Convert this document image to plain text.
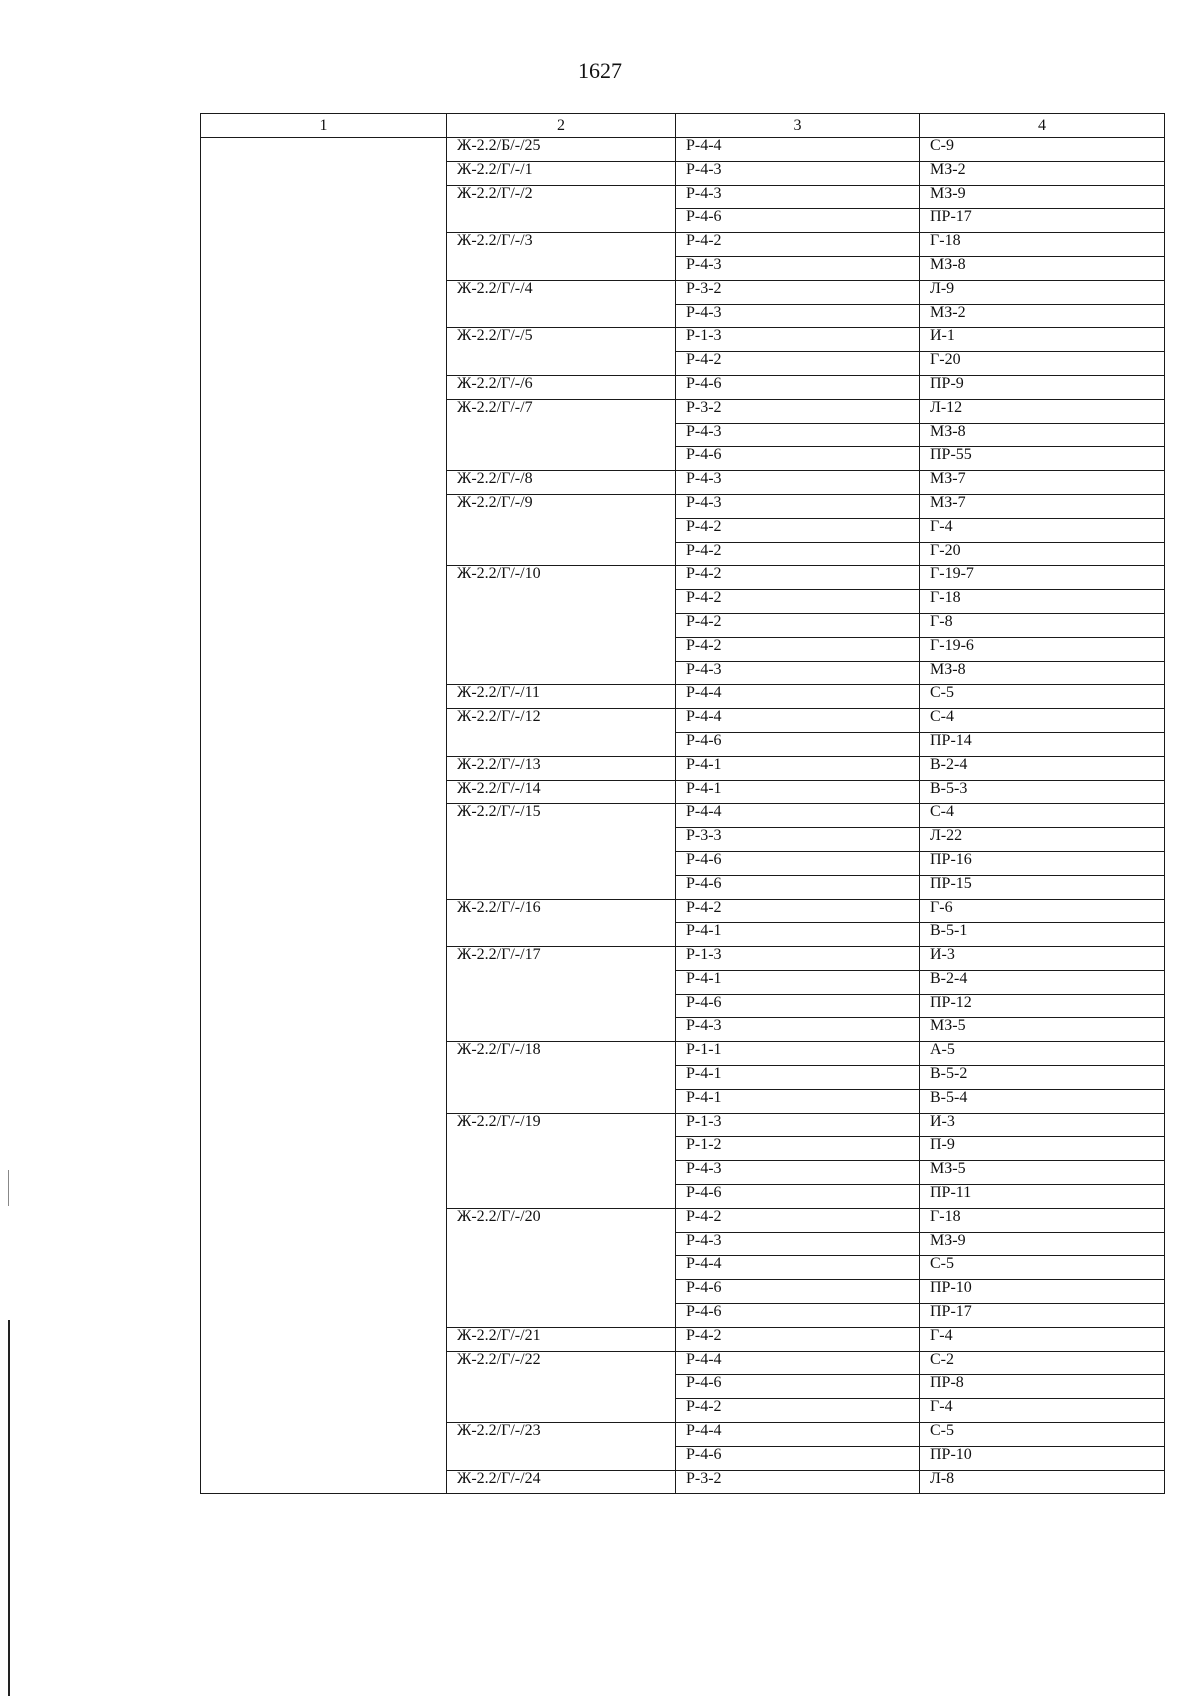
1627
1	2	3	4
	Ж-2.2/Б/-/25	Р-4-4	С-9
	Ж-2.2/Г/-/1	Р-4-3	МЗ-2
	Ж-2.2/Г/-/2	Р-4-3	МЗ-9
		Р-4-6	ПР-17
	Ж-2.2/Г/-/3	Р-4-2	Г-18
		Р-4-3	МЗ-8
	Ж-2.2/Г/-/4	Р-3-2	Л-9
		Р-4-3	МЗ-2
	Ж-2.2/Г/-/5	Р-1-3	И-1
		Р-4-2	Г-20
	Ж-2.2/Г/-/6	Р-4-6	ПР-9
	Ж-2.2/Г/-/7	Р-3-2	Л-12
		Р-4-3	МЗ-8
		Р-4-6	ПР-55
	Ж-2.2/Г/-/8	Р-4-3	МЗ-7
	Ж-2.2/Г/-/9	Р-4-3	МЗ-7
		Р-4-2	Г-4
		Р-4-2	Г-20
	Ж-2.2/Г/-/10	Р-4-2	Г-19-7
		Р-4-2	Г-18
		Р-4-2	Г-8
		Р-4-2	Г-19-6
		Р-4-3	МЗ-8
	Ж-2.2/Г/-/11	Р-4-4	С-5
	Ж-2.2/Г/-/12	Р-4-4	С-4
		Р-4-6	ПР-14
	Ж-2.2/Г/-/13	Р-4-1	В-2-4
	Ж-2.2/Г/-/14	Р-4-1	В-5-3
	Ж-2.2/Г/-/15	Р-4-4	С-4
		Р-3-3	Л-22
		Р-4-6	ПР-16
		Р-4-6	ПР-15
	Ж-2.2/Г/-/16	Р-4-2	Г-6
		Р-4-1	В-5-1
	Ж-2.2/Г/-/17	Р-1-3	И-3
		Р-4-1	В-2-4
		Р-4-6	ПР-12
		Р-4-3	МЗ-5
	Ж-2.2/Г/-/18	Р-1-1	А-5
		Р-4-1	В-5-2
		Р-4-1	В-5-4
	Ж-2.2/Г/-/19	Р-1-3	И-3
		Р-1-2	П-9
		Р-4-3	МЗ-5
		Р-4-6	ПР-11
	Ж-2.2/Г/-/20	Р-4-2	Г-18
		Р-4-3	МЗ-9
		Р-4-4	С-5
		Р-4-6	ПР-10
		Р-4-6	ПР-17
	Ж-2.2/Г/-/21	Р-4-2	Г-4
	Ж-2.2/Г/-/22	Р-4-4	С-2
		Р-4-6	ПР-8
		Р-4-2	Г-4
	Ж-2.2/Г/-/23	Р-4-4	С-5
		Р-4-6	ПР-10
	Ж-2.2/Г/-/24	Р-3-2	Л-8
